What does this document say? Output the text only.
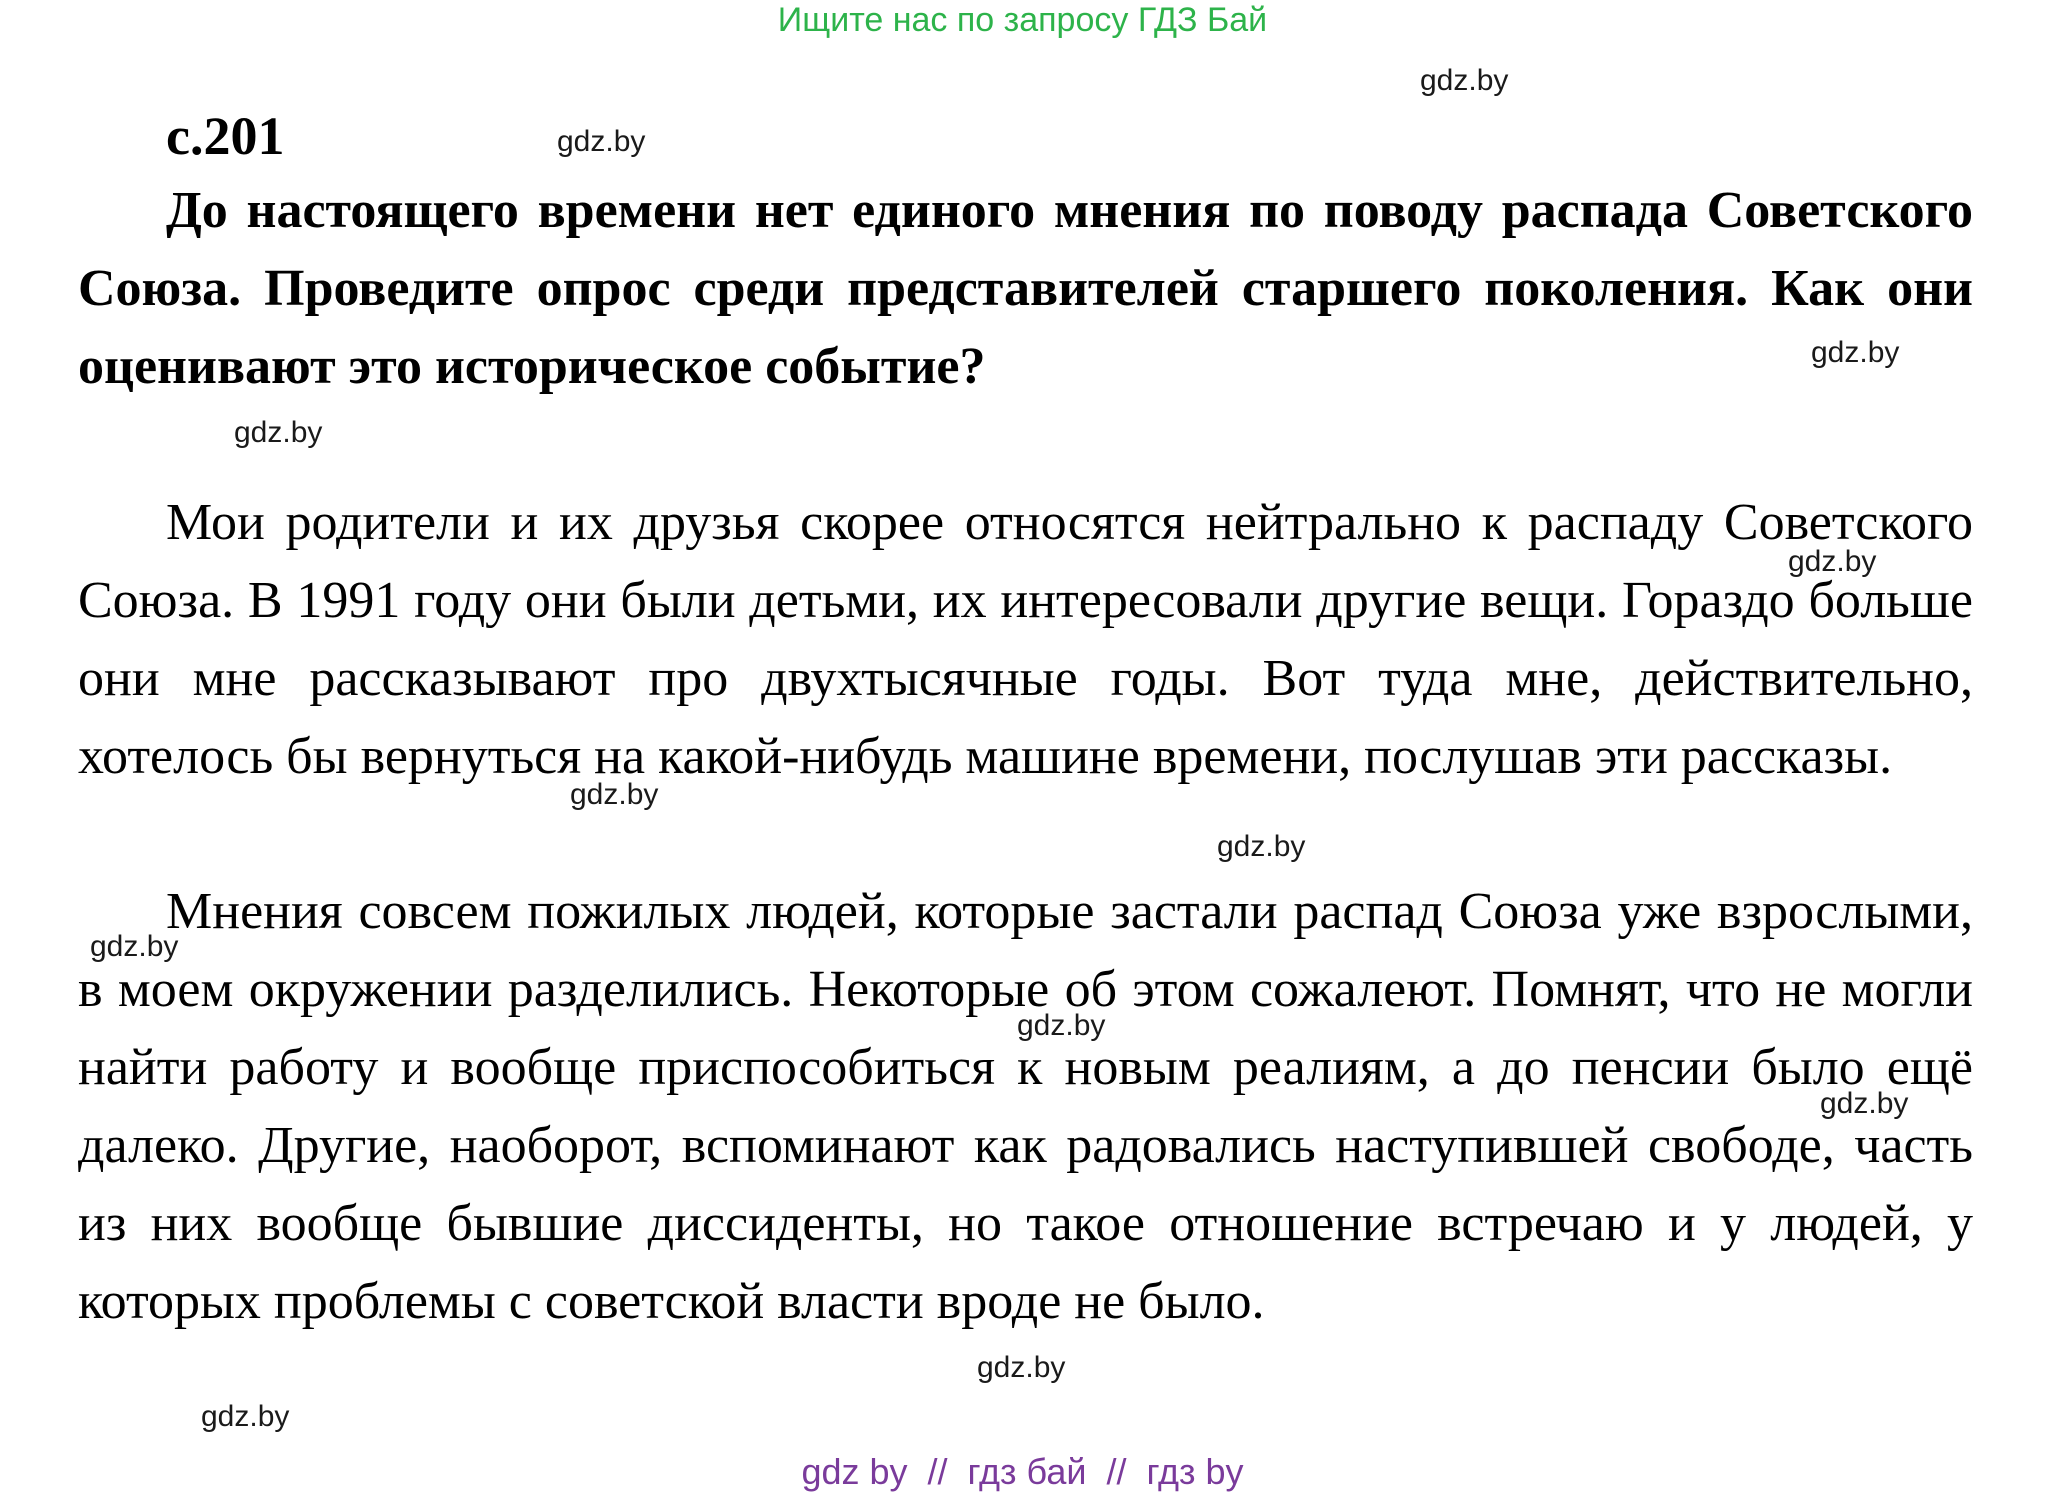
Ищите нас по запросу ГДЗ Бай
с.201

До настоящего времени нет единого мнения по поводу распада Советского Союза. Проведите опрос среди представителей старшего поколения. Как они оценивают это историческое событие?

Мои родители и их друзья скорее относятся нейтрально к распаду Советского Союза. В 1991 году они были детьми, их интересовали другие вещи. Гораздо больше они мне рассказывают про двухтысячные годы. Вот туда мне, действительно, хотелось бы вернуться на какой-нибудь машине времени, послушав эти рассказы.

Мнения совсем пожилых людей, которые застали распад Союза уже взрослыми, в моем окружении разделились. Некоторые об этом сожалеют. Помнят, что не могли найти работу и вообще приспособиться к новым реалиям, а до пенсии было ещё далеко. Другие, наоборот, вспоминают как радовались наступившей свободе, часть из них вообще бывшие диссиденты, но такое отношение встречаю и у людей, у которых проблемы с советской власти вроде не было.

gdz.by
gdz.by
gdz.by
gdz.by
gdz.by
gdz.by
gdz.by
gdz.by
gdz.by
gdz.by
gdz.by
gdz.by
gdz by  //  гдз бай  //  гдз by
